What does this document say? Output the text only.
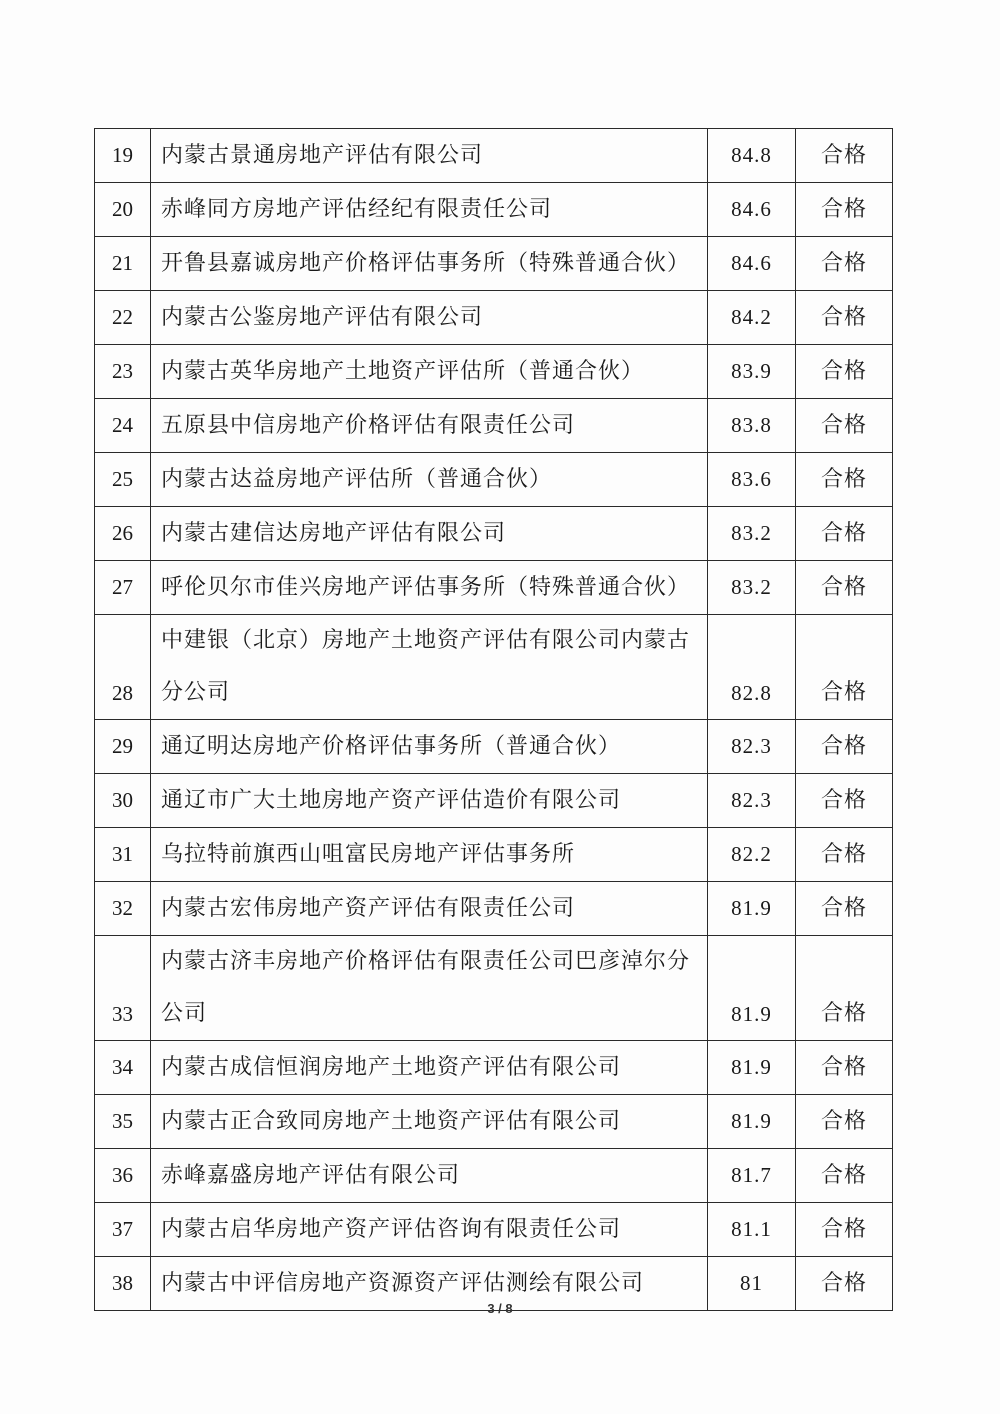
19	内蒙古景通房地产评估有限公司	84.8	合格
20	赤峰同方房地产评估经纪有限责任公司	84.6	合格
21	开鲁县嘉诚房地产价格评估事务所（特殊普通合伙）	84.6	合格
22	内蒙古公鉴房地产评估有限公司	84.2	合格
23	内蒙古英华房地产土地资产评估所（普通合伙）	83.9	合格
24	五原县中信房地产价格评估有限责任公司	83.8	合格
25	内蒙古达益房地产评估所（普通合伙）	83.6	合格
26	内蒙古建信达房地产评估有限公司	83.2	合格
27	呼伦贝尔市佳兴房地产评估事务所（特殊普通合伙）	83.2	合格
28	中建银（北京）房地产土地资产评估有限公司内蒙古分公司	82.8	合格
29	通辽明达房地产价格评估事务所（普通合伙）	82.3	合格
30	通辽市广大土地房地产资产评估造价有限公司	82.3	合格
31	乌拉特前旗西山咀富民房地产评估事务所	82.2	合格
32	内蒙古宏伟房地产资产评估有限责任公司	81.9	合格
33	内蒙古济丰房地产价格评估有限责任公司巴彦淖尔分公司	81.9	合格
34	内蒙古成信恒润房地产土地资产评估有限公司	81.9	合格
35	内蒙古正合致同房地产土地资产评估有限公司	81.9	合格
36	赤峰嘉盛房地产评估有限公司	81.7	合格
37	内蒙古启华房地产资产评估咨询有限责任公司	81.1	合格
38	内蒙古中评信房地产资源资产评估测绘有限公司	81	合格
3 / 8
